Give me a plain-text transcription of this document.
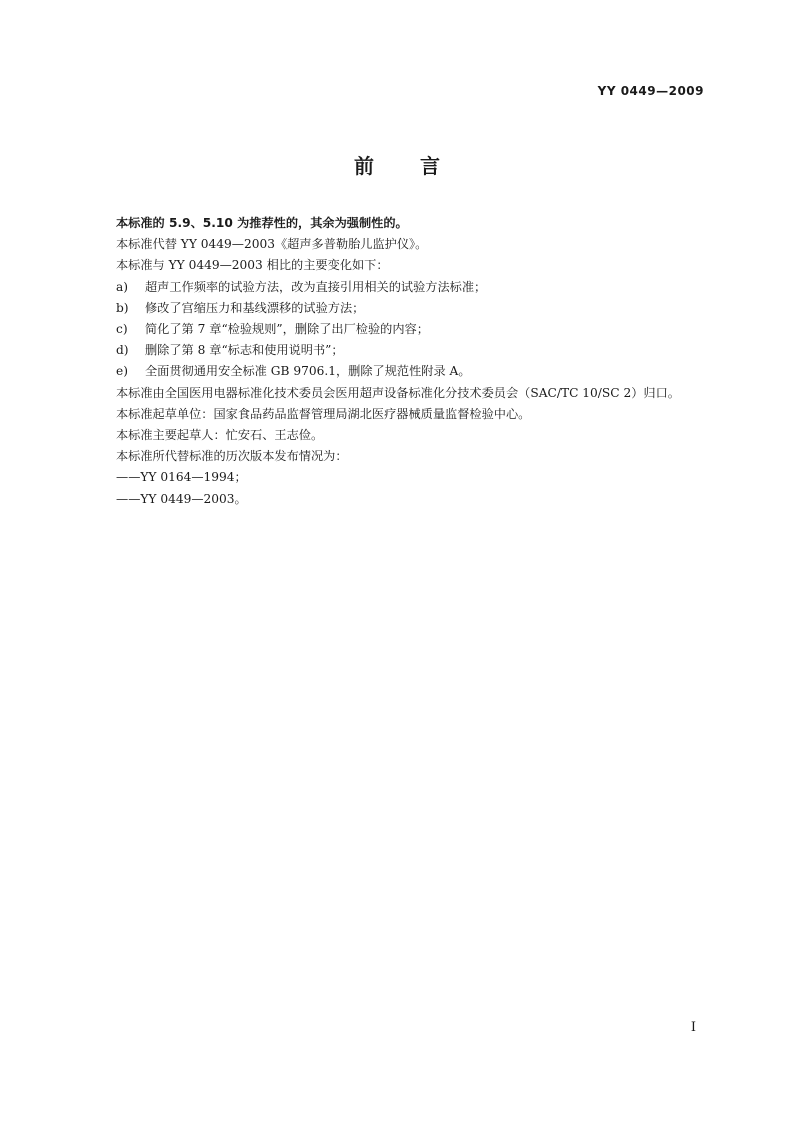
YY 0449—2009
前言

本标准的 5.9、5.10 为推荐性的，其余为强制性的。

本标准代替 YY 0449—2003《超声多普勒胎儿监护仪》。

本标准与 YY 0449—2003 相比的主要变化如下：

a) 超声工作频率的试验方法，改为直接引用相关的试验方法标准；

b) 修改了宫缩压力和基线漂移的试验方法；

c) 简化了第 7 章“检验规则”，删除了出厂检验的内容；

d) 删除了第 8 章“标志和使用说明书”；

e) 全面贯彻通用安全标准 GB 9706.1，删除了规范性附录 A。

本标准由全国医用电器标准化技术委员会医用超声设备标准化分技术委员会（SAC/TC 10/SC 2）归口。

本标准起草单位：国家食品药品监督管理局湖北医疗器械质量监督检验中心。

本标准主要起草人：忙安石、王志俭。

本标准所代替标准的历次版本发布情况为：

——YY 0164—1994；

——YY 0449—2003。

I
